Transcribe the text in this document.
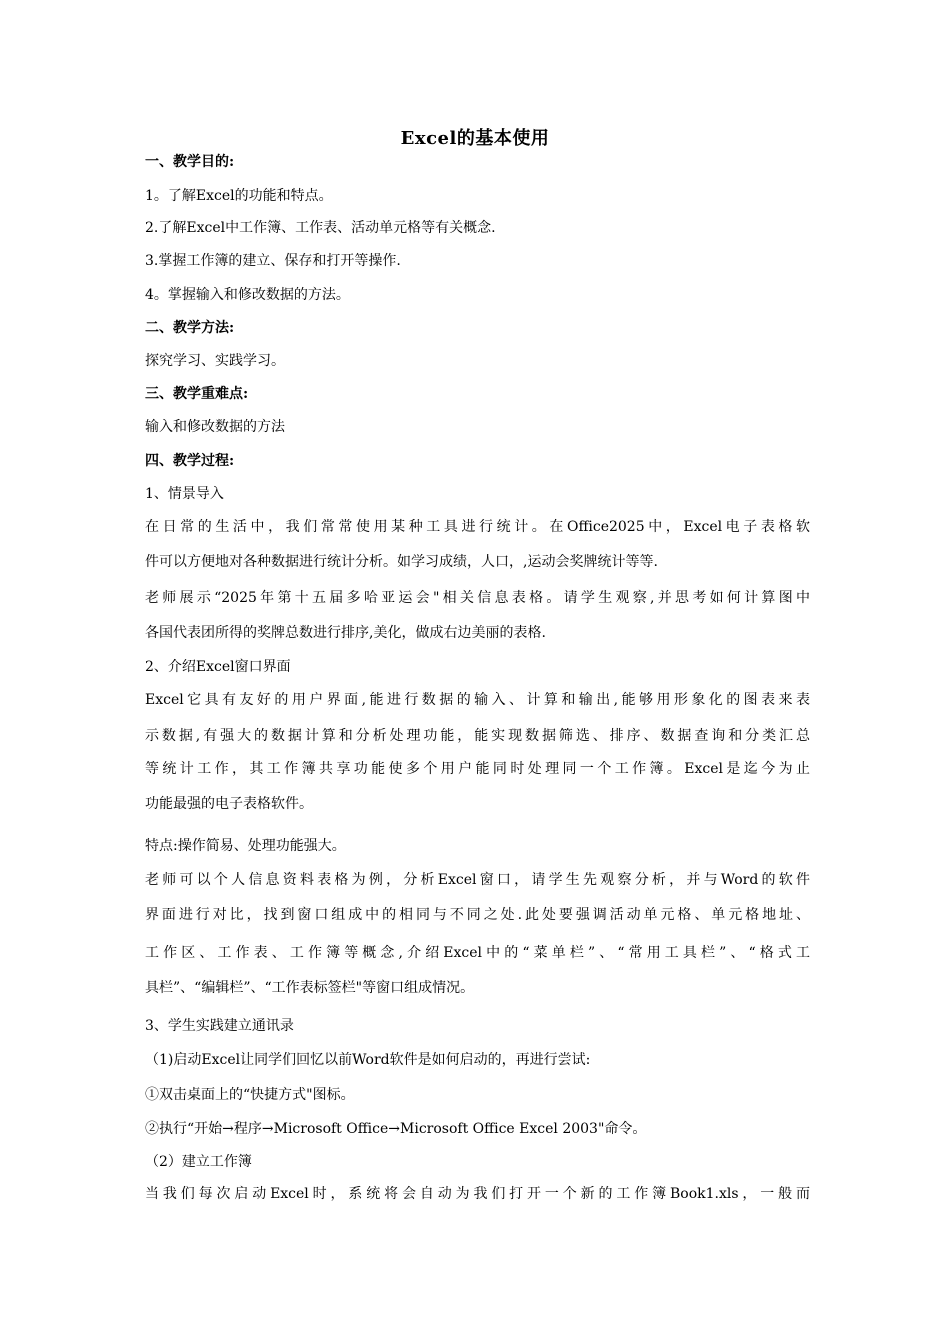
Excel的基本使用
一、教学目的:
1。了解Excel的功能和特点。
2.了解Excel中工作簿、工作表、活动单元格等有关概念.
3.掌握工作簿的建立、保存和打开等操作.
4。掌握输入和修改数据的方法。
二、教学方法:
探究学习、实践学习。
三、教学重难点:
输入和修改数据的方法
四、教学过程:
1、情景导入
在日常的生活中，我们常常使用某种工具进行统计。在Office2025中，Excel电子表格软
件可以方便地对各种数据进行统计分析。如学习成绩，人口，,运动会奖牌统计等等.
老师展示“2025年第十五届多哈亚运会"相关信息表格。请学生观察,并思考如何计算图中
各国代表团所得的奖牌总数进行排序,美化，做成右边美丽的表格.
2、介绍Excel窗口界面
Excel它具有友好的用户界面,能进行数据的输入、计算和输出,能够用形象化的图表来表
示数据,有强大的数据计算和分析处理功能，能实现数据筛选、排序、数据查询和分类汇总
等统计工作，其工作簿共享功能使多个用户能同时处理同一个工作簿。Excel是迄今为止
功能最强的电子表格软件。
特点:操作简易、处理功能强大。
老师可以个人信息资料表格为例，分析Excel窗口，请学生先观察分析，并与Word的软件
界面进行对比，找到窗口组成中的相同与不同之处.此处要强调活动单元格、单元格地址、
工作区、工作表、工作簿等概念,介绍Excel中的“菜单栏”、“常用工具栏”、“格式工
具栏”、“编辑栏”、“工作表标签栏"等窗口组成情况。
3、学生实践建立通讯录
（1)启动Excel让同学们回忆以前Word软件是如何启动的，再进行尝试:
①双击桌面上的“快捷方式"图标。
②执行“开始→程序→Microsoft Office→Microsoft Office Excel 2003"命令。
（2）建立工作簿
当我们每次启动Excel时，系统将会自动为我们打开一个新的工作簿Book1.xls，一般而
